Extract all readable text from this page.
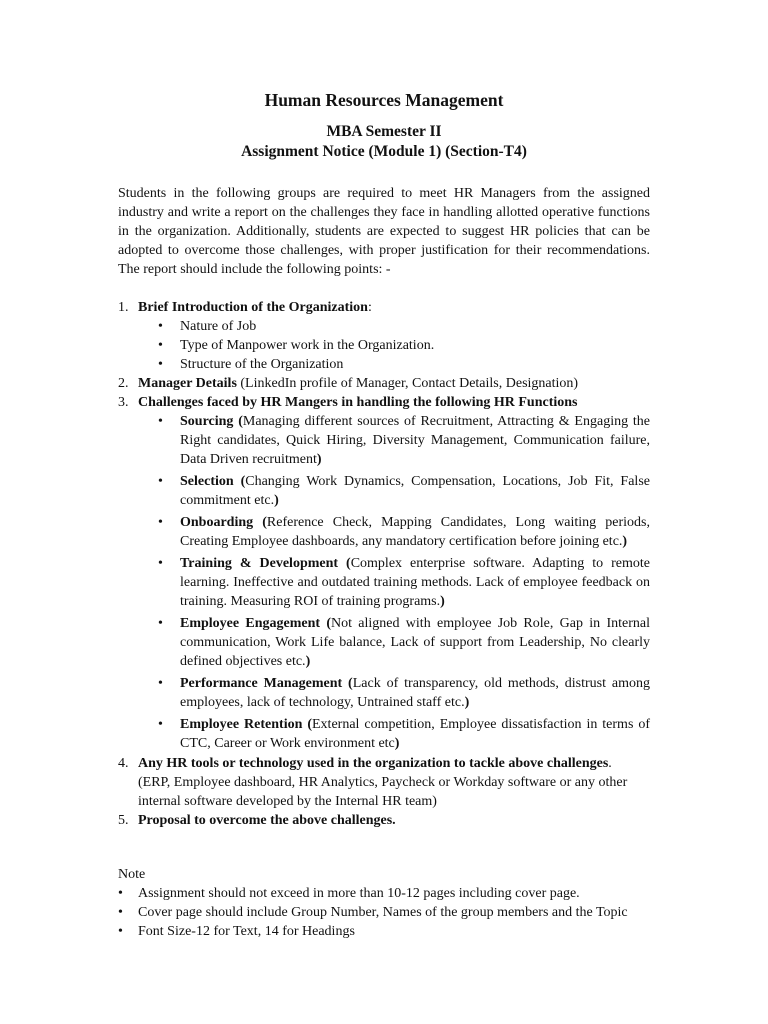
Human Resources Management
MBA Semester II
Assignment Notice (Module 1) (Section-T4)

Students in the following groups are required to meet HR Managers from the assigned industry and write a report on the challenges they face in handling allotted operative functions in the organization. Additionally, students are expected to suggest HR policies that can be adopted to overcome those challenges, with proper justification for their recommendations. The report should include the following points: -

1. Brief Introduction of the Organization:
• Nature of Job
• Type of Manpower work in the Organization.
• Structure of the Organization
2. Manager Details (LinkedIn profile of Manager, Contact Details, Designation)
3. Challenges faced by HR Mangers in handling the following HR Functions
• Sourcing (Managing different sources of Recruitment, Attracting & Engaging the Right candidates, Quick Hiring, Diversity Management, Communication failure, Data Driven recruitment)
• Selection (Changing Work Dynamics, Compensation, Locations, Job Fit, False commitment etc.)
• Onboarding (Reference Check, Mapping Candidates, Long waiting periods, Creating Employee dashboards, any mandatory certification before joining etc.)
• Training & Development (Complex enterprise software. Adapting to remote learning. Ineffective and outdated training methods. Lack of employee feedback on training. Measuring ROI of training programs.)
• Employee Engagement (Not aligned with employee Job Role, Gap in Internal communication, Work Life balance, Lack of support from Leadership, No clearly defined objectives etc.)
• Performance Management (Lack of transparency, old methods, distrust among employees, lack of technology, Untrained staff etc.)
• Employee Retention (External competition, Employee dissatisfaction in terms of CTC, Career or Work environment etc)
4. Any HR tools or technology used in the organization to tackle above challenges.
(ERP, Employee dashboard, HR Analytics, Paycheck or Workday software or any other internal software developed by the Internal HR team)
5. Proposal to overcome the above challenges.
Note
• Assignment should not exceed in more than 10-12 pages including cover page.
• Cover page should include Group Number, Names of the group members and the Topic
• Font Size-12 for Text, 14 for Headings
